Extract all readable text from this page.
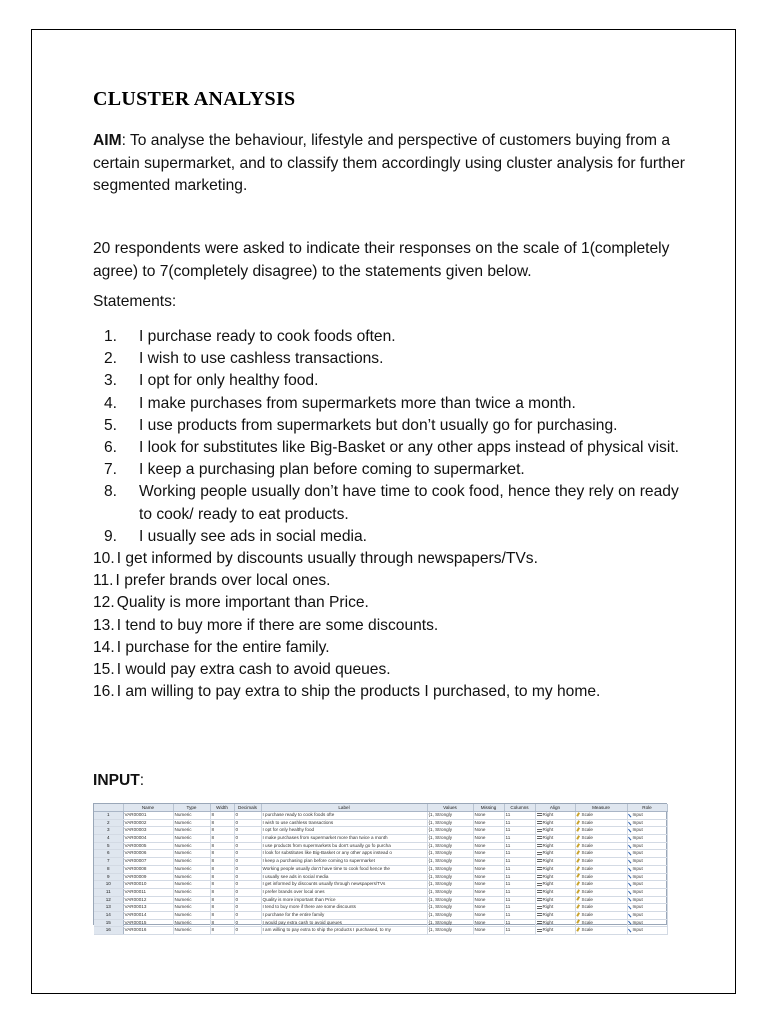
CLUSTER ANALYSIS

AIM: To analyse the behaviour, lifestyle and perspective of customers buying from a certain supermarket, and to classify them accordingly using cluster analysis for further segmented marketing.

20 respondents were asked to indicate their responses on the scale of 1(completely agree) to 7(completely disagree) to the statements given below.

Statements:

1.	I purchase ready to cook foods often.
2.	I wish to use cashless transactions.
3.	I opt for only healthy food.
4.	I make purchases from supermarkets more than twice a month.
5.	I use products from supermarkets but don’t usually go for purchasing.
6.	I look for substitutes like Big-Basket or any other apps instead of physical visit.
7.	I keep a purchasing plan before coming to supermarket.
8.	Working people usually don’t have time to cook food, hence they rely on ready to cook/ ready to eat products.
9.	I usually see ads in social media.
10. I get informed by discounts usually through newspapers/TVs.
11. I prefer brands over local ones.
12. Quality is more important than Price.
13. I tend to buy more if there are some discounts.
14. I purchase for the entire family.
15. I would pay extra cash to avoid queues.
16. I am willing to pay extra to ship the products I purchased, to my home.

INPUT:

	Name	Type	Width	Decimals	Label	Values	Missing	Columns	Align	Measure	Role
1	VAR00001	Numeric	8	0	I purchase ready to cook foods ofte	{1, Strongly	None	11	Right	Scale	Input
2	VAR00002	Numeric	8	0	I wish to use cashless transactions	{1, Strongly	None	11	Right	Scale	Input
3	VAR00003	Numeric	8	0	I opt for only healthy food	{1, Strongly	None	11	Right	Scale	Input
4	VAR00004	Numeric	8	0	I make purchases from supermarket more than twice a month	{1, Strongly	None	11	Right	Scale	Input
5	VAR00005	Numeric	8	0	I use products from supermarkets bu don't usually go fo purcha	{1, Strongly	None	11	Right	Scale	Input
6	VAR00006	Numeric	8	0	I look for substitutes like Big-Basket or any other apps instead o	{1, Strongly	None	11	Right	Scale	Input
7	VAR00007	Numeric	8	0	I keep a purchasing plan before coming to supermarket	{1, Strongly	None	11	Right	Scale	Input
8	VAR00008	Numeric	8	0	Working people usually don't have time to cook food hence the	{1, Strongly	None	11	Right	Scale	Input
9	VAR00009	Numeric	8	0	I usually see ads in social media	{1, Strongly	None	11	Right	Scale	Input
10	VAR00010	Numeric	8	0	I get informed by discounts usually through newspapers/TVs	{1, Strongly	None	11	Right	Scale	Input
11	VAR00011	Numeric	8	0	I prefer brands over local ones	{1, Strongly	None	11	Right	Scale	Input
12	VAR00012	Numeric	8	0	Quality is more important than Price	{1, Strongly	None	11	Right	Scale	Input
13	VAR00013	Numeric	8	0	I tend to buy more if there are some discounts	{1, Strongly	None	11	Right	Scale	Input
14	VAR00014	Numeric	8	0	I purchase for the entire family	{1, Strongly	None	11	Right	Scale	Input
15	VAR00015	Numeric	8	0	I would pay extra cash to avoid queues	{1, Strongly	None	11	Right	Scale	Input
16	VAR00016	Numeric	8	0	I am willing to pay extra to ship the products I purchased, to my	{1, Strongly	None	11	Right	Scale	Input
